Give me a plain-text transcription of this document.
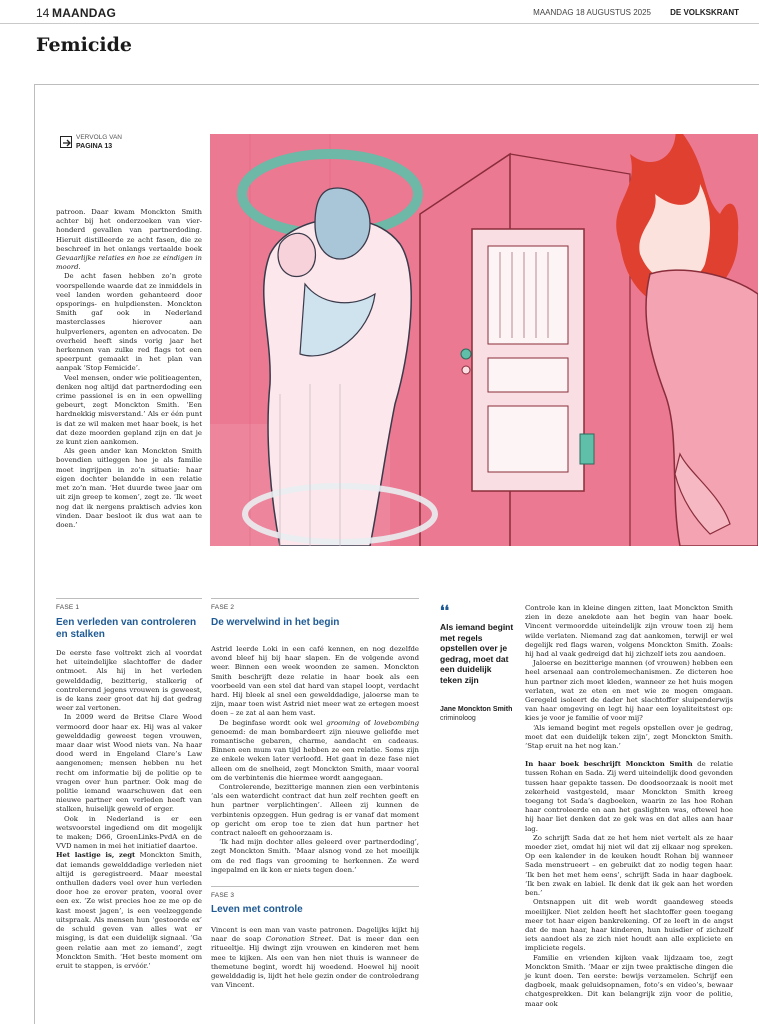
14 MAANDAG	MAANDAG 18 AUGUSTUS 2025 DE VOLKSKRANT
Femicide
VERVOLG VAN
PAGINA 13

patroon. Daar kwam Monckton Smith achter bij het onderzoeken van vier-honderd gevallen van partnerdoding. Hieruit distilleerde ze acht fasen, die ze beschreef in het onlangs vertaalde boek Gevaarlijke relaties en hoe ze eindigen in moord.

De acht fasen hebben zo’n grote voorspellende waarde dat ze inmiddels in veel landen worden gehanteerd door opsporings- en hulpdiensten. Monckton Smith gaf ook in Nederland masterclasses hierover aan hulpverleners, agenten en advocaten. De overheid heeft sinds vorig jaar het herkennen van zulke red flags tot een speerpunt gemaakt in het plan van aanpak ‘Stop Femicide’.

Veel mensen, onder wie politieagenten, denken nog altijd dat partnerdoding een crime passionel is en in een opwelling gebeurt, zegt Monckton Smith. ‘Een hardnekkig misverstand.’ Als er één punt is dat ze wil maken met haar boek, is het dat deze moorden gepland zijn en dat je ze kunt zien aankomen.

Als geen ander kan Monckton Smith bovendien uitleggen hoe je als familie moet ingrijpen in zo’n situatie: haar eigen dochter belandde in een relatie met zo’n man. ‘Het duurde twee jaar om uit zijn greep te komen’, zegt ze. ‘Ik weet nog dat ik nergens praktisch advies kon vinden. Daar besloot ik dus wat aan te doen.’

FASE 1
Een verleden van controleren en stalken

De eerste fase voltrekt zich al voordat het uiteindelijke slachtoffer de dader ontmoet. Als hij in het verleden gewelddadig, bezitterig, stalkerig of controlerend jegens vrouwen is geweest, is de kans zeer groot dat hij dat gedrag weer zal vertonen.

In 2009 werd de Britse Clare Wood vermoord door haar ex. Hij was al vaker gewelddadig geweest tegen vrouwen, maar daar wist Wood niets van. Na haar dood werd in Engeland Clare’s Law aangenomen; mensen hebben nu het recht om informatie bij de politie op te vragen over hun partner. Ook mag de politie iemand waarschuwen dat een nieuwe partner een verleden heeft van stalken, huiselijk geweld of erger.

Ook in Nederland is er een wetsvoorstel ingediend om dit mogelijk te maken; D66, GroenLinks-PvdA en de VVD namen in mei het initiatief daartoe.

Het lastige is, zegt Monckton Smith, dat iemands gewelddadige verleden niet altijd is geregistreerd. Maar meestal onthullen daders veel over hun verleden door hoe ze erover praten, vooral over een ex. ‘Ze wist precies hoe ze me op de kast moest jagen’, is een veelzeggende uitspraak. Als mensen hun ‘gestoorde ex’ de schuld geven van alles wat er misging, is dat een duidelijk signaal. ‘Ga geen relatie aan met zo iemand’, zegt Monckton Smith. ‘Het beste moment om eruit te stappen, is ervóór.’

FASE 2
De wervelwind in het begin

Astrid leerde Loki in een café kennen, en nog dezelfde avond bleef hij bij haar slapen. En de volgende avond weer. Binnen een week woonden ze samen. Monckton Smith beschrijft deze relatie in haar boek als een voorbeeld van een stel dat hard van stapel loopt, verdacht hard. Hij bleek al snel een gewelddadige, jaloerse man te zijn, maar toen wist Astrid niet meer wat ze ertegen moest doen – ze zat al aan hem vast.

De beginfase wordt ook wel grooming of lovebombing genoemd: de man bombardeert zijn nieuwe geliefde met romantische gebaren, charme, aandacht en cadeaus. Binnen een mum van tijd hebben ze een relatie. Soms zijn ze enkele weken later verloofd. Het gaat in deze fase niet alleen om de snelheid, zegt Monckton Smith, maar vooral om de verbintenis die hiermee wordt aangegaan.

Controlerende, bezitterige mannen zien een verbintenis ‘als een waterdicht contract dat hun zelf rechten geeft en hun partner verplichtingen’. Alleen zij kunnen de verbintenis opzeggen. Hun gedrag is er vanaf dat moment op gericht om erop toe te zien dat hun partner het contract naleeft en gehoorzaam is.

‘Ik had mijn dochter alles geleerd over partnerdoding’, zegt Monckton Smith. ‘Maar alsnog vond ze het moeilijk om de red flags van grooming te herkennen. Ze werd ingepalmd en ik kon er niets tegen doen.’

FASE 3
Leven met controle

Vincent is een man van vaste patronen. Dagelijks kijkt hij naar de soap Coronation Street. Dat is meer dan een ritueeltje. Hij dwingt zijn vrouwen en kinderen met hem mee te kijken. Als een van hen niet thuis is wanneer de themetune begint, wordt hij woedend. Hoewel hij nooit gewelddadig is, lijdt het hele gezin onder de controledrang van Vincent.

❛❛
Als iemand begint met regels opstellen over je gedrag, moet dat een duidelijk teken zijn
Jane Monckton Smith
criminoloog

Controle kan in kleine dingen zitten, laat Monckton Smith zien in deze anekdote aan het begin van haar boek. Vincent vermoordde uiteindelijk zijn vrouw toen zij hem wilde verlaten. Niemand zag dat aankomen, terwijl er wel degelijk red flags waren, volgens Monckton Smith. Zoals: hij had al vaak gedreigd dat hij zichzelf iets zou aandoen.

Jaloerse en bezitterige mannen (of vrouwen) hebben een heel arsenaal aan controlemechanismen. Ze dicteren hoe hun partner zich moet kleden, wanneer ze het huis mogen verlaten, wat ze eten en met wie ze mogen omgaan. Geregeld isoleert de dader het slachtoffer sluipenderwijs van haar omgeving en legt hij haar een loyaliteitstest op: kies je voor je familie of voor mij?

‘Als iemand begint met regels opstellen over je gedrag, moet dat een duidelijk teken zijn’, zegt Monckton Smith. ‘Stap eruit na het nog kan.’

In haar boek beschrijft Monckton Smith de relatie tussen Rohan en Sada. Zij werd uiteindelijk dood gevonden tussen haar gepakte tassen. De doodsoorzaak is nooit met zekerheid vastgesteld, maar Monckton Smith kreeg toegang tot Sada’s dagboeken, waarin ze las hoe Rohan haar controleerde en aan het gaslighten was, oftewel hoe hij haar liet denken dat ze gek was en dat alles aan haar lag.

Zo schrijft Sada dat ze het hem niet vertelt als ze haar moeder ziet, omdat hij niet wil dat zij elkaar nog spreken. Op een kalender in de keuken houdt Rohan bij wanneer Sada menstrueert – en gebruikt dat zo nodig tegen haar. ‘Ik ben het met hem eens’, schrijft Sada in haar dagboek. ‘Ik ben zwak en labiel. Ik denk dat ik gek aan het worden ben.’

Ontsnappen uit dit web wordt gaandeweg steeds moeilijker. Niet zelden heeft het slachtoffer geen toegang meer tot haar eigen bankrekening. Of ze leeft in de angst dat de man haar, haar kinderen, hun huisdier of zichzelf iets aandoet als ze zich niet houdt aan alle expliciete en impliciete regels.

Familie en vrienden kijken vaak lijdzaam toe, zegt Monckton Smith. ‘Maar er zijn twee praktische dingen die je kunt doen. Ten eerste: bewijs verzamelen. Schrijf een dagboek, maak geluidsopnamen, foto’s en video’s, bewaar chatgesprekken. Dit kan belangrijk zijn voor de politie, maar ook
